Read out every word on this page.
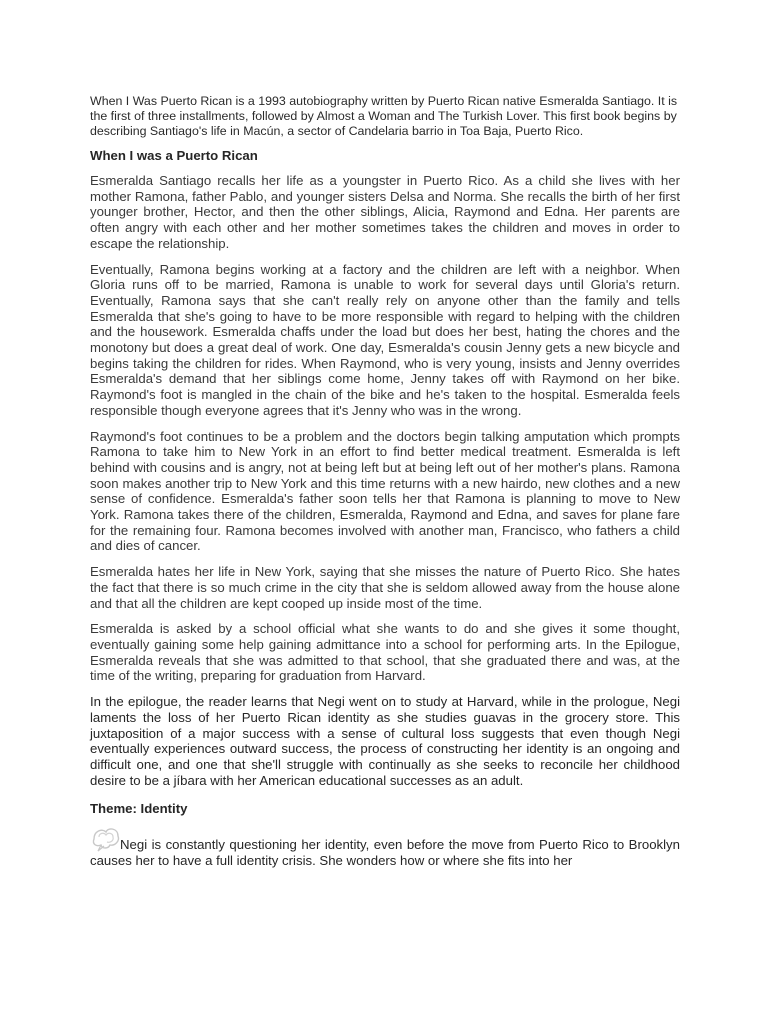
When I Was Puerto Rican is a 1993 autobiography written by Puerto Rican native Esmeralda Santiago. It is the first of three installments, followed by Almost a Woman and The Turkish Lover. This first book begins by describing Santiago's life in Macún, a sector of Candelaria barrio in Toa Baja, Puerto Rico.

When I was a Puerto Rican

Esmeralda Santiago recalls her life as a youngster in Puerto Rico. As a child she lives with her mother Ramona, father Pablo, and younger sisters Delsa and Norma. She recalls the birth of her first younger brother, Hector, and then the other siblings, Alicia, Raymond and Edna. Her parents are often angry with each other and her mother sometimes takes the children and moves in order to escape the relationship.

Eventually, Ramona begins working at a factory and the children are left with a neighbor. When Gloria runs off to be married, Ramona is unable to work for several days until Gloria's return. Eventually, Ramona says that she can't really rely on anyone other than the family and tells Esmeralda that she's going to have to be more responsible with regard to helping with the children and the housework. Esmeralda chaffs under the load but does her best, hating the chores and the monotony but does a great deal of work. One day, Esmeralda's cousin Jenny gets a new bicycle and begins taking the children for rides. When Raymond, who is very young, insists and Jenny overrides Esmeralda's demand that her siblings come home, Jenny takes off with Raymond on her bike. Raymond's foot is mangled in the chain of the bike and he's taken to the hospital. Esmeralda feels responsible though everyone agrees that it's Jenny who was in the wrong.

Raymond's foot continues to be a problem and the doctors begin talking amputation which prompts Ramona to take him to New York in an effort to find better medical treatment. Esmeralda is left behind with cousins and is angry, not at being left but at being left out of her mother's plans. Ramona soon makes another trip to New York and this time returns with a new hairdo, new clothes and a new sense of confidence. Esmeralda's father soon tells her that Ramona is planning to move to New York. Ramona takes there of the children, Esmeralda, Raymond and Edna, and saves for plane fare for the remaining four. Ramona becomes involved with another man, Francisco, who fathers a child and dies of cancer.

Esmeralda hates her life in New York, saying that she misses the nature of Puerto Rico. She hates the fact that there is so much crime in the city that she is seldom allowed away from the house alone and that all the children are kept cooped up inside most of the time.

Esmeralda is asked by a school official what she wants to do and she gives it some thought, eventually gaining some help gaining admittance into a school for performing arts. In the Epilogue, Esmeralda reveals that she was admitted to that school, that she graduated there and was, at the time of the writing, preparing for graduation from Harvard.

In the epilogue, the reader learns that Negi went on to study at Harvard, while in the prologue, Negi laments the loss of her Puerto Rican identity as she studies guavas in the grocery store. This juxtaposition of a major success with a sense of cultural loss suggests that even though Negi eventually experiences outward success, the process of constructing her identity is an ongoing and difficult one, and one that she'll struggle with continually as she seeks to reconcile her childhood desire to be a jíbara with her American educational successes as an adult.

Theme: Identity

Negi is constantly questioning her identity, even before the move from Puerto Rico to Brooklyn causes her to have a full identity crisis. She wonders how or where she fits into her
